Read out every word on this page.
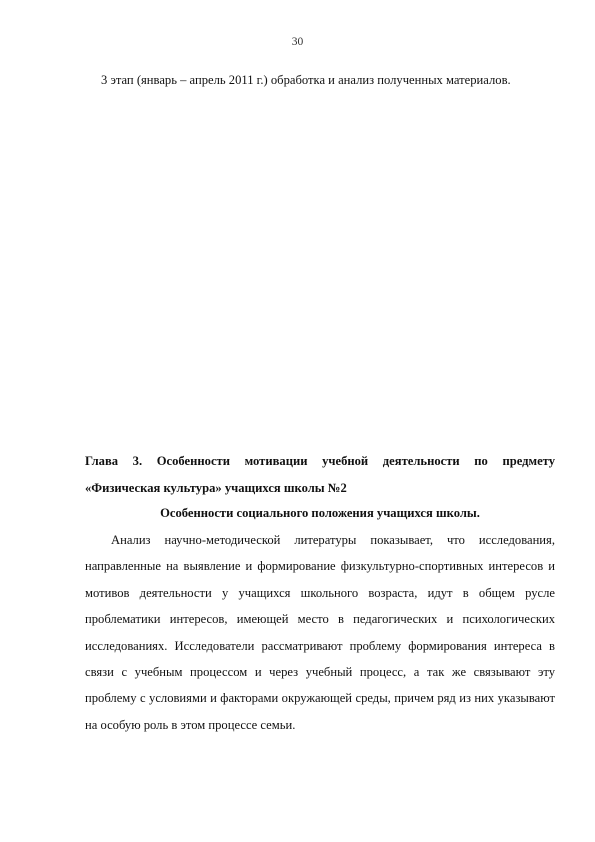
30

3 этап (январь – апрель 2011 г.) обработка и анализ полученных материалов.

Глава 3. Особенности мотивации учебной деятельности по предмету
«Физическая культура» учащихся школы №2
Особенности социального положения учащихся школы.

Анализ научно-методической литературы показывает, что исследования, направленные на выявление и формирование физкультурно-спортивных интересов и мотивов деятельности у учащихся школьного возраста, идут в общем русле проблематики интересов, имеющей место в педагогических и психологических исследованиях. Исследователи рассматривают проблему формирования интереса в связи с учебным процессом и через учебный процесс, а так же связывают эту проблему с условиями и факторами окружающей среды, причем ряд из них указывают на особую роль в этом процессе семьи.
